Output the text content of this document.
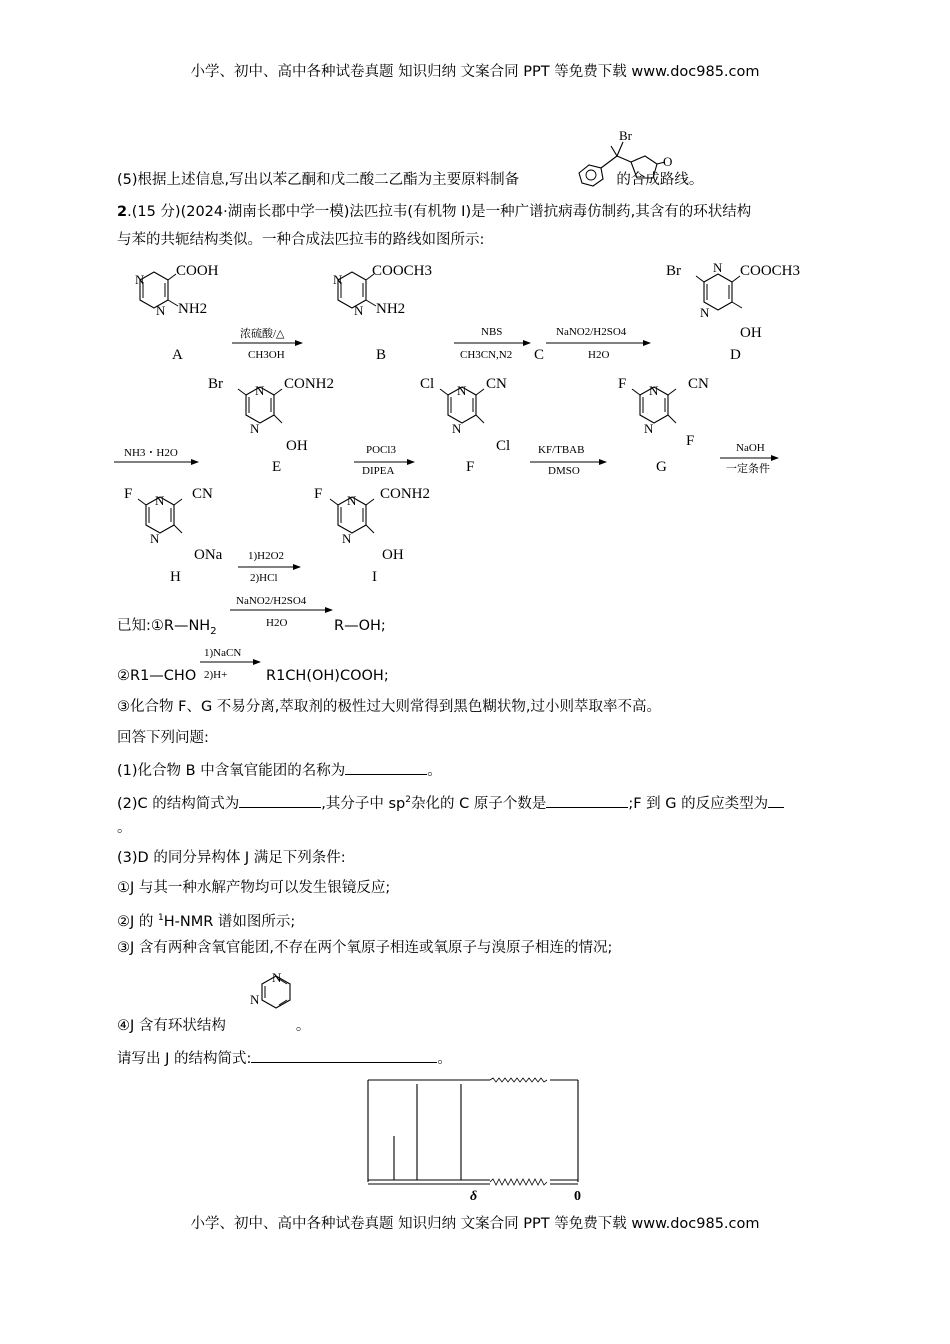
小学、初中、高中各种试卷真题 知识归纳 文案合同 PPT 等免费下载 www.doc985.com
(5)根据上述信息,写出以苯乙酮和戊二酸二乙酯为主要原料制备	的合成路线。
Br
O
2.(15 分)(2024·湖南长郡中学一模)法匹拉韦(有机物 I)是一种广谱抗病毒仿制药,其含有的环状结构
与苯的共轭结构类似。一种合成法匹拉韦的路线如图所示:
N
N
COOH
NH2
A
浓硫酸/△
CH3OH
N
N
COOCH3
NH2
B
NBS
CH3CN,N2 C
NaNO2/H2SO4
H2O
N
N
Br	COOCH3
OH
D
NH3・H2O
N
N
Br	CONH2
OH
E
POCl3
DIPEA
N
N
Cl	CN
Cl
F
KF/TBAB
DMSO
N
N
F	CN
F
G
NaOH
一定条件
N
N
F	CN
ONa
H
1)H2O2
2)HCl
N
N
F	CONH2
OH
I
已知$:①R—NH_2$
NaNO2/H2SO4
H2O	R—OH;
②R1—CHO
1)NaCN
2)H+	R1CH(OH)COOH;
③化合物 F、G 不易分离,萃取剂的极性过大则常得到黑色糊状物,过小则萃取率不高。
回答下列问题:
(1)化合物 B 中含氧官能团的名称为	。
(2)C 的结构简式为	,其分子中 $sp^2$杂化的 C 原子个数是	;F 到 G 的反应类型为
。
(3)D 的同分异构体 J 满足下列条件:
①J 与其一种水解产物均可以发生银镜反应;
②J 的 $^1$H-NMR 谱如图所示;
③J 含有两种含氧官能团,不存在两个氧原子相连或氧原子与溴原子相连的情况;
④J 含有环状结构	。
N
N
请写出 J 的结构简式:	。
δ	0
小学、初中、高中各种试卷真题 知识归纳 文案合同 PPT 等免费下载 www.doc985.com
